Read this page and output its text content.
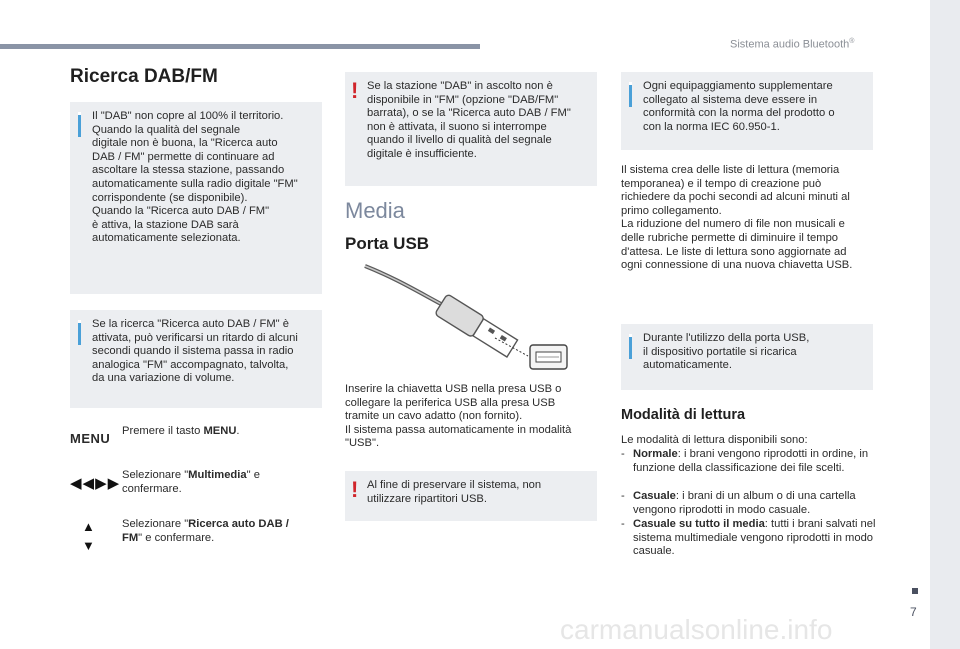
Sistema audio Bluetooth®
Ricerca DAB/FM
Il "DAB" non copre al 100% il territorio.
Quando la qualità del segnale
digitale non è buona, la "Ricerca auto
DAB / FM" permette di continuare ad
ascoltare la stessa stazione, passando
automaticamente sulla radio digitale "FM"
corrispondente (se disponibile).
Quando la "Ricerca auto DAB / FM"
è attiva, la stazione DAB sarà
automaticamente selezionata.
Se la ricerca "Ricerca auto DAB / FM" è
attivata, può verificarsi un ritardo di alcuni
secondi quando il sistema passa in radio
analogica "FM" accompagnato, talvolta,
da una variazione di volume.
MENU Premere il tasto MENU.
◀◀▶▶ Selezionare "Multimedia" e confermare.
▲
▼
Selezionare "Ricerca auto DAB / FM" e confermare.
! Se la stazione "DAB" in ascolto non è
disponibile in "FM" (opzione "DAB/FM"
barrata), o se la "Ricerca auto DAB / FM"
non è attivata, il suono si interrompe
quando il livello di qualità del segnale
digitale è insufficiente.
Media
Porta USB
Inserire la chiavetta USB nella presa USB o
collegare la periferica USB alla presa USB
tramite un cavo adatto (non fornito).
Il sistema passa automaticamente in modalità
"USB".
! Al fine di preservare il sistema, non
utilizzare ripartitori USB.
Ogni equipaggiamento supplementare
collegato al sistema deve essere in
conformità con la norma del prodotto o
con la norma IEC 60.950-1.
Il sistema crea delle liste di lettura (memoria
temporanea) e il tempo di creazione può
richiedere da pochi secondi ad alcuni minuti al
primo collegamento.
La riduzione del numero di file non musicali e
delle rubriche permette di diminuire il tempo
d'attesa. Le liste di lettura sono aggiornate ad
ogni connessione di una nuova chiavetta USB.
Durante l'utilizzo della porta USB,
il dispositivo portatile si ricarica
automaticamente.
Modalità di lettura
Le modalità di lettura disponibili sono:
- Normale: i brani vengono riprodotti in ordine, in funzione della classificazione dei file scelti.
- Casuale: i brani di un album o di una cartella vengono riprodotti in modo casuale.
- Casuale su tutto il media: tutti i brani salvati nel sistema multimediale vengono riprodotti in modo casuale.
7
carmanualsonline.info
